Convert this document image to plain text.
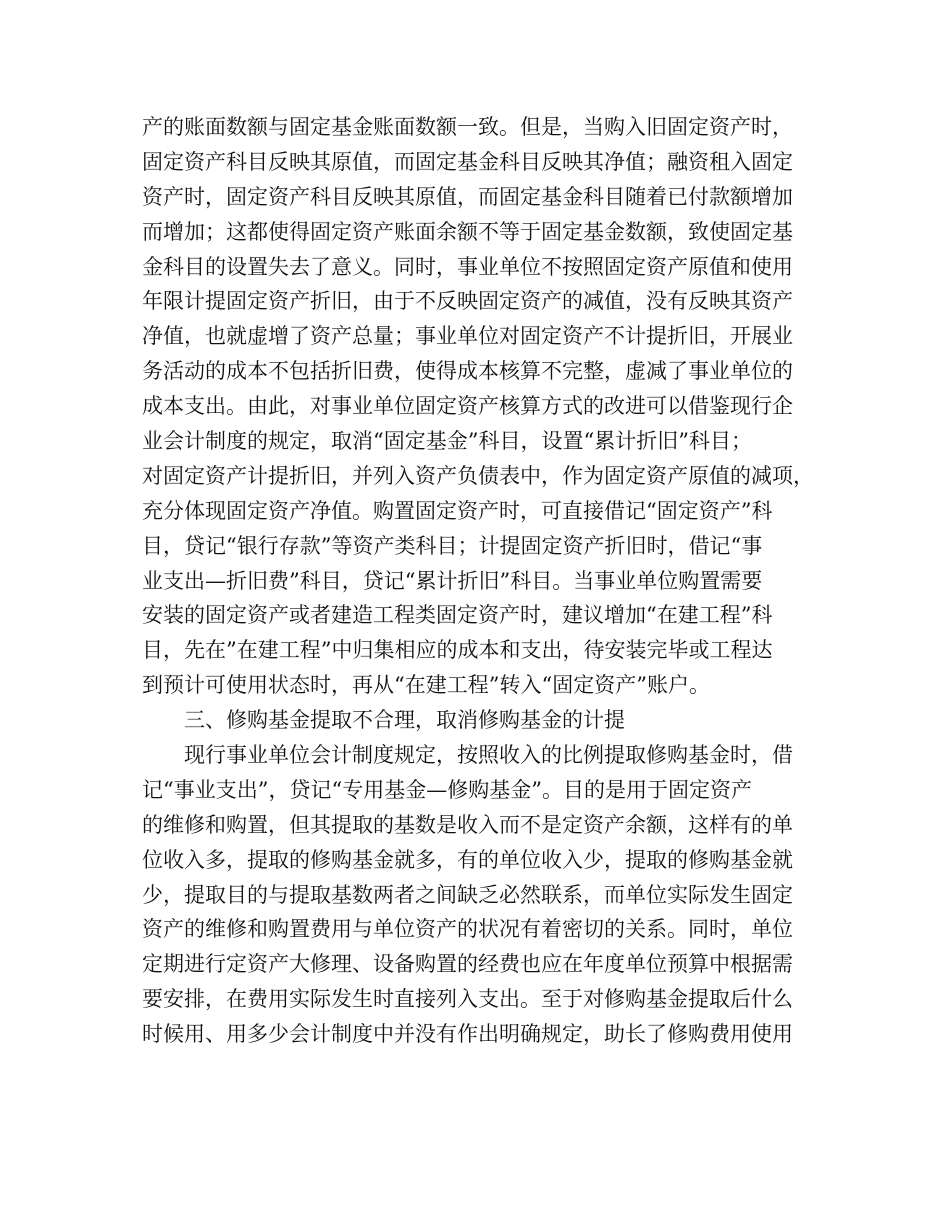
产的账面数额与固定基金账面数额一致。但是，当购入旧固定资产时，

固定资产科目反映其原值，而固定基金科目反映其净值；融资租入固定

资产时，固定资产科目反映其原值，而固定基金科目随着已付款额增加

而增加；这都使得固定资产账面余额不等于固定基金数额，致使固定基

金科目的设置失去了意义。同时，事业单位不按照固定资产原值和使用

年限计提固定资产折旧，由于不反映固定资产的减值，没有反映其资产

净值，也就虚增了资产总量；事业单位对固定资产不计提折旧，开展业

务活动的成本不包括折旧费，使得成本核算不完整，虚减了事业单位的

成本支出。由此，对事业单位固定资产核算方式的改进可以借鉴现行企

业会计制度的规定，取消“固定基金”科目，设置“累计折旧”科目；

对固定资产计提折旧，并列入资产负债表中，作为固定资产原值的减项，

充分体现固定资产净值。购置固定资产时，可直接借记“固定资产”科

目，贷记“银行存款”等资产类科目；计提固定资产折旧时，借记“事

业支出—折旧费”科目，贷记“累计折旧”科目。当事业单位购置需要

安装的固定资产或者建造工程类固定资产时，建议增加“在建工程”科

目，先在”在建工程”中归集相应的成本和支出，待安装完毕或工程达

到预计可使用状态时，再从“在建工程”转入“固定资产”账户。

三、修购基金提取不合理，取消修购基金的计提

现行事业单位会计制度规定，按照收入的比例提取修购基金时，借

记“事业支出”，贷记“专用基金—修购基金”。目的是用于固定资产

的维修和购置，但其提取的基数是收入而不是定资产余额，这样有的单

位收入多，提取的修购基金就多，有的单位收入少，提取的修购基金就

少，提取目的与提取基数两者之间缺乏必然联系，而单位实际发生固定

资产的维修和购置费用与单位资产的状况有着密切的关系。同时，单位

定期进行定资产大修理、设备购置的经费也应在年度单位预算中根据需

要安排，在费用实际发生时直接列入支出。至于对修购基金提取后什么

时候用、用多少会计制度中并没有作出明确规定，助长了修购费用使用
